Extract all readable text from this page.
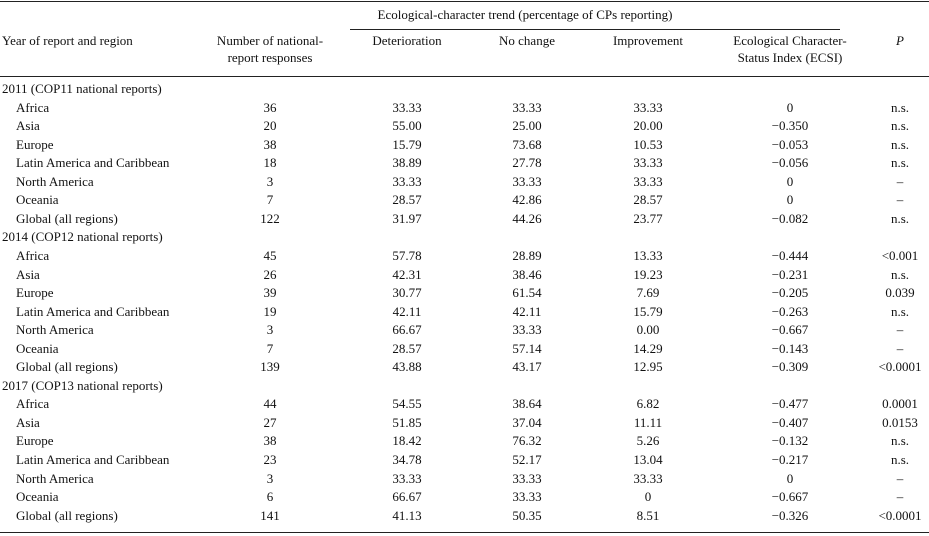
Ecological-character trend (percentage of CPs reporting)
Year of report and region	Number of national-
report responses
Deterioration	No change	Improvement	Ecological Character-
Status Index (ECSI)
P
2011 (COP11 national reports)
Africa	36	33.33	33.33	33.33	0	n.s.
Asia	20	55.00	25.00	20.00	−0.350	n.s.
Europe	38	15.79	73.68	10.53	−0.053	n.s.
Latin America and Caribbean	18	38.89	27.78	33.33	−0.056	n.s.
North America	3	33.33	33.33	33.33	0	–
Oceania	7	28.57	42.86	28.57	0	–
Global (all regions)	122	31.97	44.26	23.77	−0.082	n.s.
2014 (COP12 national reports)
Africa	45	57.78	28.89	13.33	−0.444	<0.001
Asia	26	42.31	38.46	19.23	−0.231	n.s.
Europe	39	30.77	61.54	7.69	−0.205	0.039
Latin America and Caribbean	19	42.11	42.11	15.79	−0.263	n.s.
North America	3	66.67	33.33	0.00	−0.667	–
Oceania	7	28.57	57.14	14.29	−0.143	–
Global (all regions)	139	43.88	43.17	12.95	−0.309	<0.0001
2017 (COP13 national reports)
Africa	44	54.55	38.64	6.82	−0.477	0.0001
Asia	27	51.85	37.04	11.11	−0.407	0.0153
Europe	38	18.42	76.32	5.26	−0.132	n.s.
Latin America and Caribbean	23	34.78	52.17	13.04	−0.217	n.s.
North America	3	33.33	33.33	33.33	0	–
Oceania	6	66.67	33.33	0	−0.667	–
Global (all regions)	141	41.13	50.35	8.51	−0.326	<0.0001
